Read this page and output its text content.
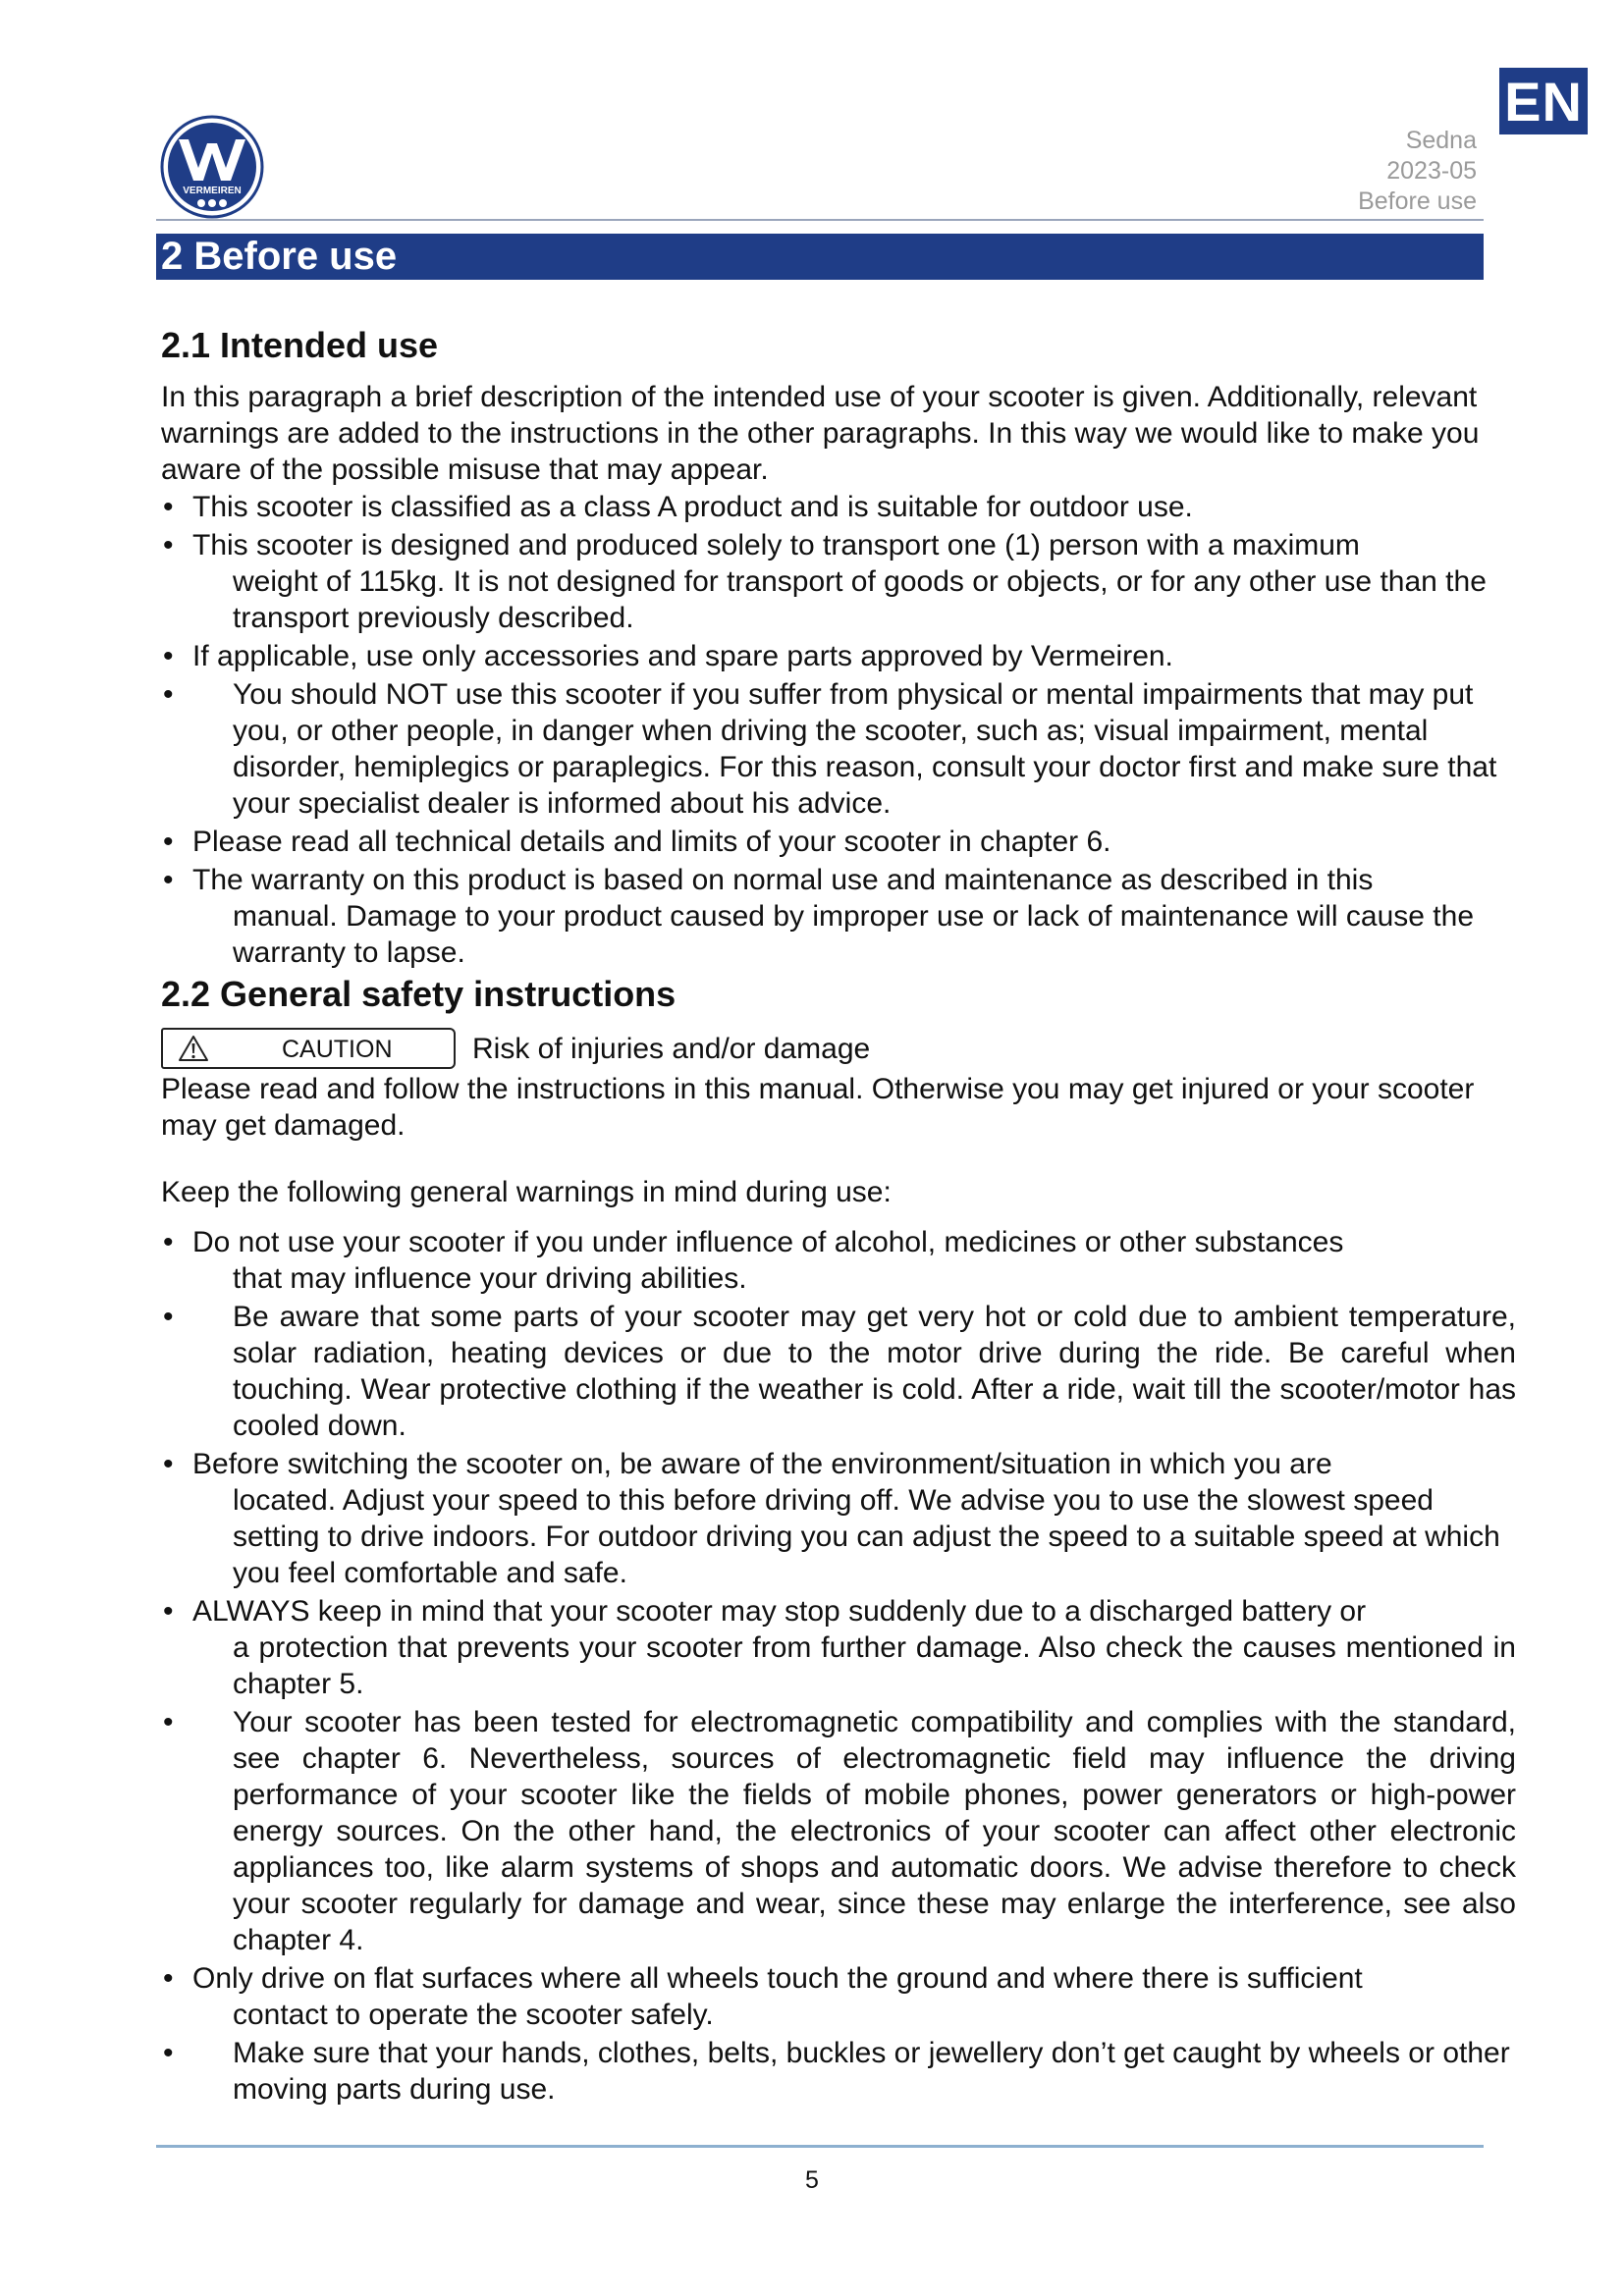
VERMEIREN
EN
Sedna
2023-05
Before use
2 Before use
2.1 Intended use

In this paragraph a brief description of the intended use of your scooter is given. Additionally, relevant warnings are added to the instructions in the other paragraphs. In this way we would like to make you aware of the possible misuse that may appear.

• This scooter is classified as a class A product and is suitable for outdoor use.

• This scooter is designed and produced solely to transport one (1) person with a maximum

weight of 115kg. It is not designed for transport of goods or objects, or for any other use than the transport previously described.
• If applicable, use only accessories and spare parts approved by Vermeiren.

• You should NOT use this scooter if you suffer from physical or mental impairments that may put you, or other people, in danger when driving the scooter, such as; visual impairment, mental disorder, hemiplegics or paraplegics. For this reason, consult your doctor first and make sure that your specialist dealer is informed about his advice.
• Please read all technical details and limits of your scooter in chapter 6.

• The warranty on this product is based on normal use and maintenance as described in this

manual. Damage to your product caused by improper use or lack of maintenance will cause the warranty to lapse.
2.2 General safety instructions
CAUTION	Risk of injuries and/or damage

Please read and follow the instructions in this manual. Otherwise you may get injured or your scooter may get damaged.

Keep the following general warnings in mind during use:

• Do not use your scooter if you under influence of alcohol, medicines or other substances

that may influence your driving abilities.
• Be aware that some parts of your scooter may get very hot or cold due to ambient temperature, solar radiation, heating devices or due to the motor drive during the ride. Be careful when touching. Wear protective clothing if the weather is cold. After a ride, wait till the scooter/motor has cooled down.
• Before switching the scooter on, be aware of the environment/situation in which you are

located. Adjust your speed to this before driving off. We advise you to use the slowest speed setting to drive indoors. For outdoor driving you can adjust the speed to a suitable speed at which you feel comfortable and safe.
• ALWAYS keep in mind that your scooter may stop suddenly due to a discharged battery or

a protection that prevents your scooter from further damage. Also check the causes mentioned in chapter 5.
• Your scooter has been tested for electromagnetic compatibility and complies with the standard, see chapter 6. Nevertheless, sources of electromagnetic field may influence the driving performance of your scooter like the fields of mobile phones, power generators or high-power energy sources. On the other hand, the electronics of your scooter can affect other electronic appliances too, like alarm systems of shops and automatic doors. We advise therefore to check your scooter regularly for damage and wear, since these may enlarge the interference, see also chapter 4.
• Only drive on flat surfaces where all wheels touch the ground and where there is sufficient

contact to operate the scooter safely.
• Make sure that your hands, clothes, belts, buckles or jewellery don’t get caught by wheels or other moving parts during use.
5
